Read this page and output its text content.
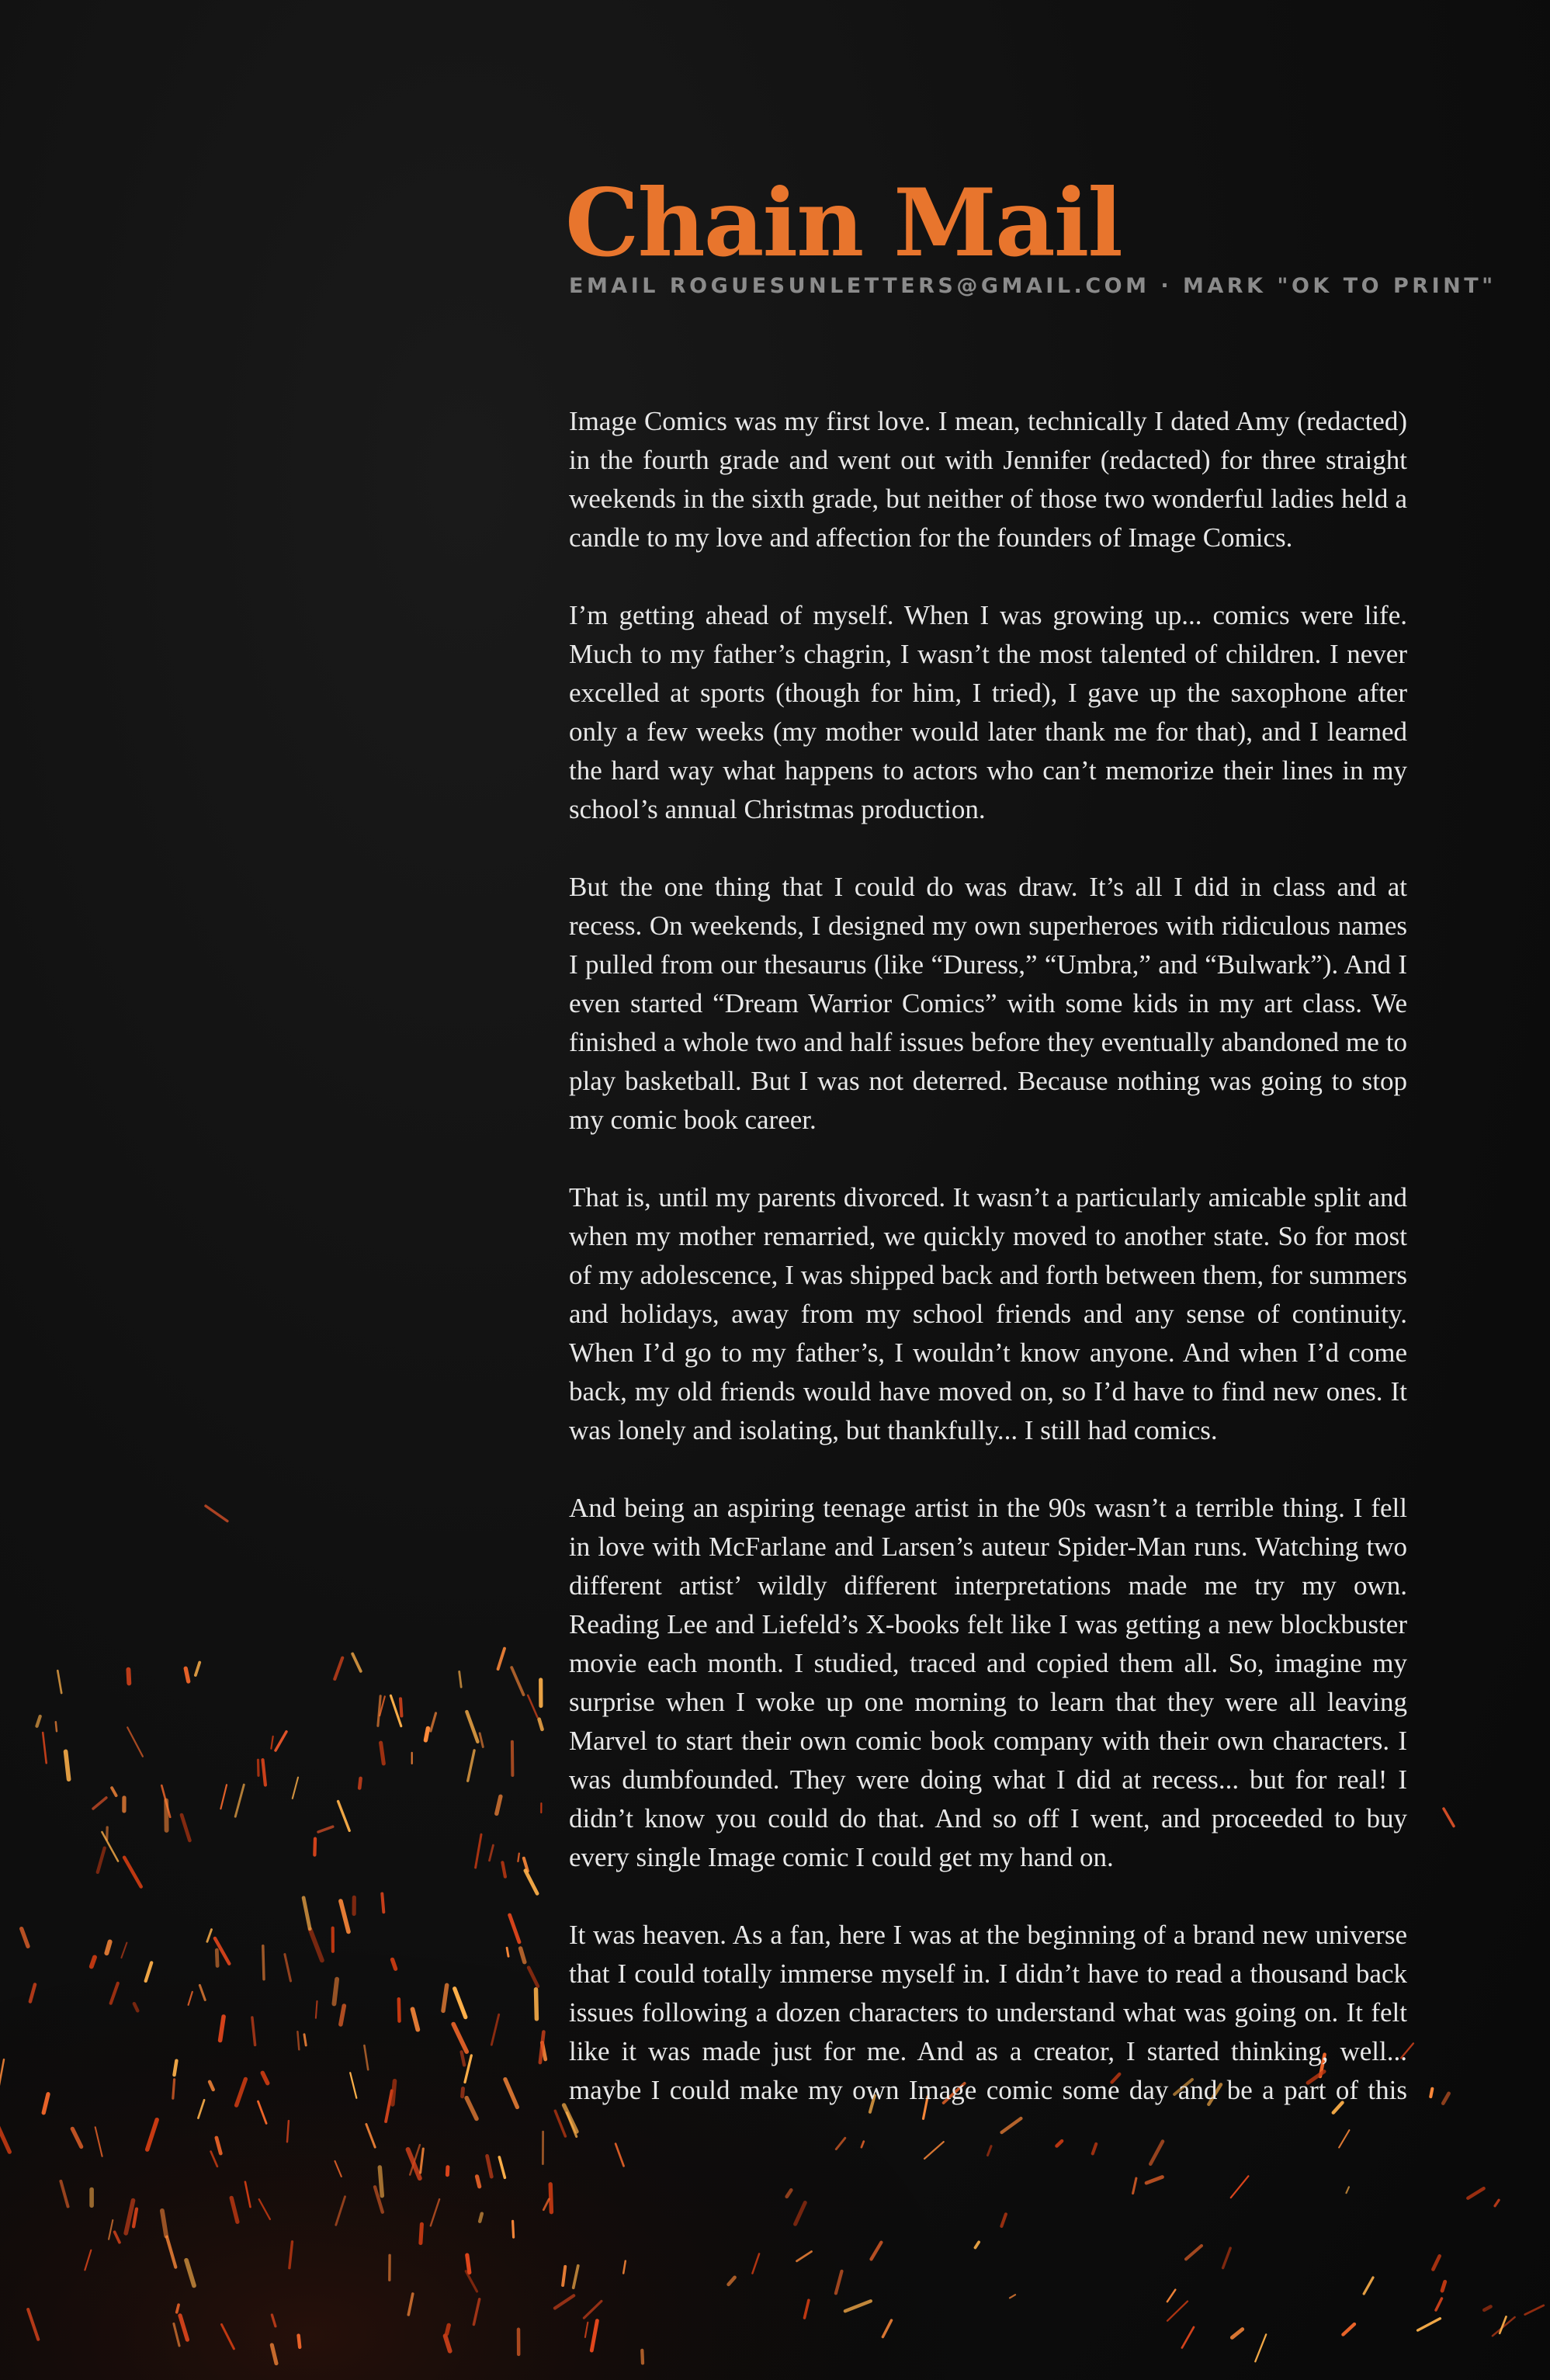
Chain Mail
EMAIL ROGUESUNLETTERS@GMAIL.COM · MARK "OK TO PRINT"

Image Comics was my first love. I mean, technically I dated Amy (redacted) in the fourth grade and went out with Jennifer (redacted) for three straight weekends in the sixth grade, but neither of those two wonderful ladies held a candle to my love and affection for the founders of Image Comics.

I’m getting ahead of myself. When I was growing up... comics were life. Much to my father’s chagrin, I wasn’t the most talented of children. I never excelled at sports (though for him, I tried), I gave up the saxophone after only a few weeks (my mother would later thank me for that), and I learned the hard way what happens to actors who can’t memorize their lines in my school’s annual Christmas production.

But the one thing that I could do was draw. It’s all I did in class and at recess. On weekends, I designed my own superheroes with ridiculous names I pulled from our thesaurus (like “Duress,” “Umbra,” and “Bulwark”). And I even started “Dream Warrior Comics” with some kids in my art class. We finished a whole two and half issues before they eventually abandoned me to play basketball. But I was not deterred. Because nothing was going to stop my comic book career.

That is, until my parents divorced. It wasn’t a particularly amicable split and when my mother remarried, we quickly moved to another state. So for most of my adolescence, I was shipped back and forth between them, for summers and holidays, away from my school friends and any sense of continuity. When I’d go to my father’s, I wouldn’t know anyone. And when I’d come back, my old friends would have moved on, so I’d have to find new ones. It was lonely and isolating, but thankfully... I still had comics.

And being an aspiring teenage artist in the 90s wasn’t a terrible thing. I fell in love with McFarlane and Larsen’s auteur Spider-Man runs. Watching two different artist’ wildly different interpretations made me try my own. Reading Lee and Liefeld’s X-books felt like I was getting a new blockbuster movie each month. I studied, traced and copied them all. So, imagine my surprise when I woke up one morning to learn that they were all leaving Marvel to start their own comic book company with their own characters. I was dumbfounded. They were doing what I did at recess... but for real! I didn’t know you could do that. And so off I went, and proceeded to buy every single Image comic I could get my hand on.

It was heaven. As a fan, here I was at the beginning of a brand new universe that I could totally immerse myself in. I didn’t have to read a thousand back issues following a dozen characters to understand what was going on. It felt like it was made just for me. And as a creator, I started thinking, well... maybe I could make my own Image comic some day and be a part of this
